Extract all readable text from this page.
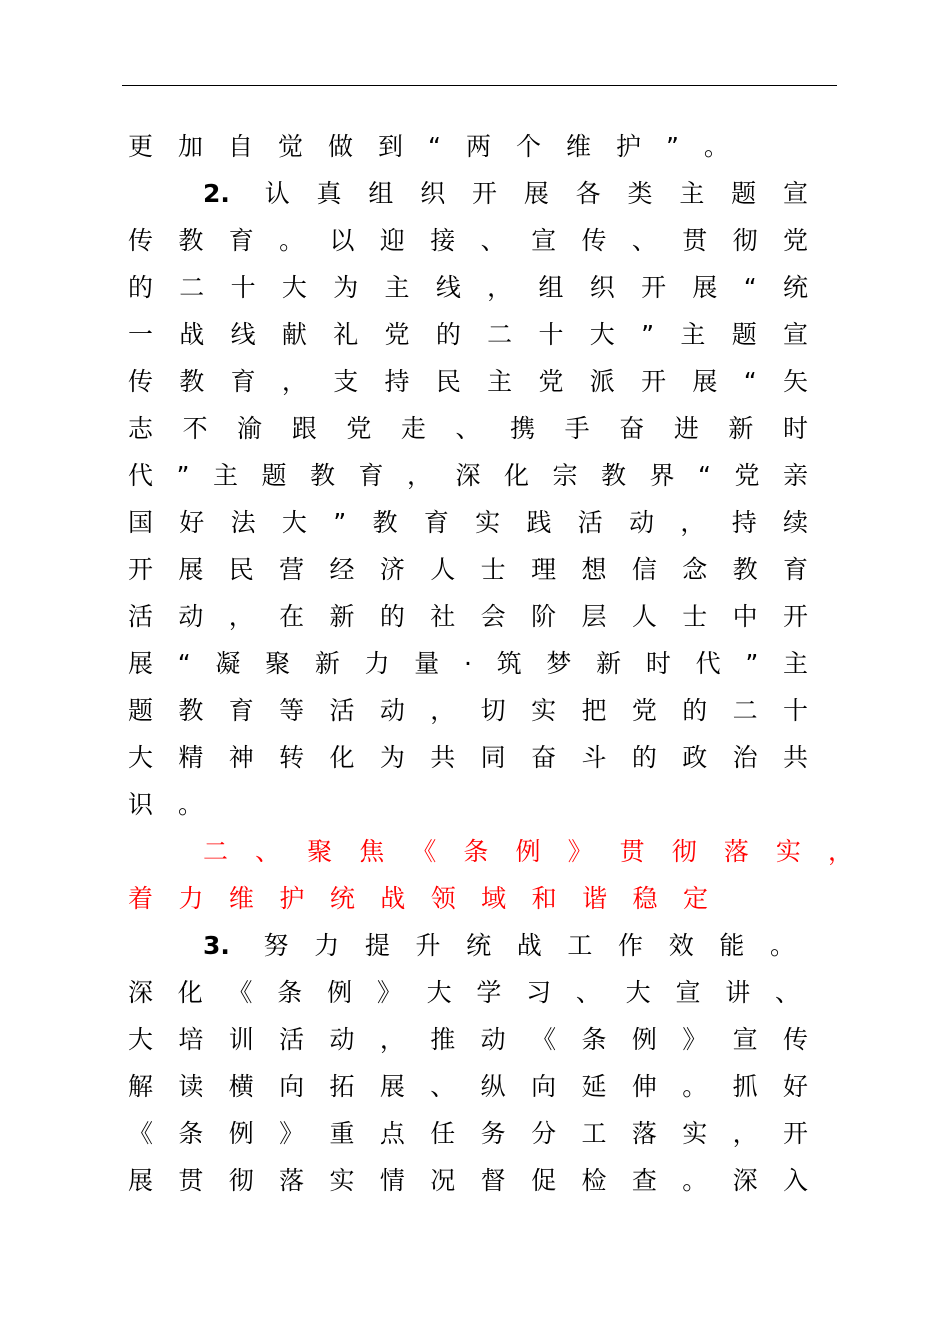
更加自觉做到“两个维护”。
2. 认真组织开展各类主题宣
传教育。以迎接、宣传、贯彻党
的二十大为主线，组织开展“统
一战线献礼党的二十大”主题宣
传教育，支持民主党派开展“矢
志不渝跟党走、携手奋进新时
代”主题教育，深化宗教界“党亲
国好法大”教育实践活动，持续
开展民营经济人士理想信念教育
活动，在新的社会阶层人士中开
展“凝聚新力量·筑梦新时代”主
题教育等活动，切实把党的二十
大精神转化为共同奋斗的政治共
识。
二、聚焦《条例》贯彻落实，
着力维护统战领域和谐稳定
3. 努力提升统战工作效能。
深化《条例》大学习、大宣讲、
大培训活动，推动《条例》宣传
解读横向拓展、纵向延伸。抓好
《条例》重点任务分工落实，开
展贯彻落实情况督促检查。深入
